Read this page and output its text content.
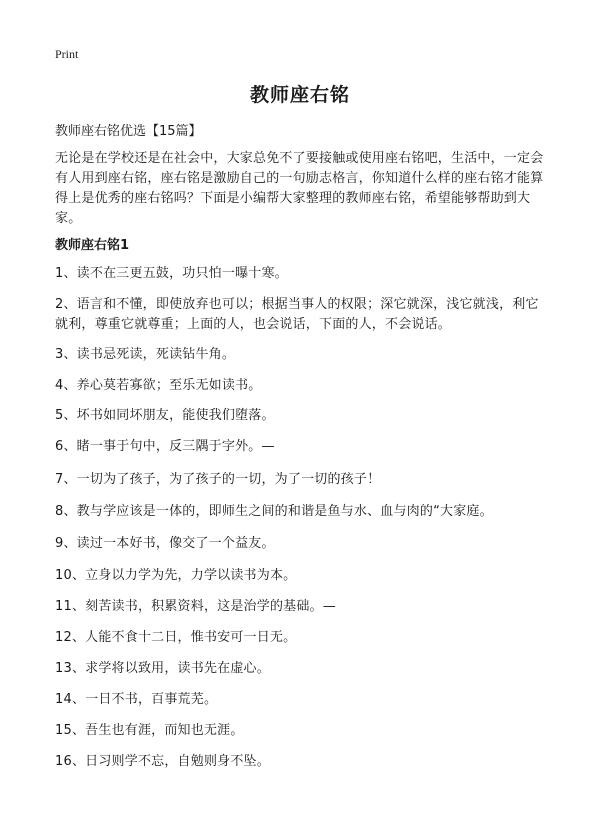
Print
教师座右铭

教师座右铭优选【15篇】

无论是在学校还是在社会中，大家总免不了要接触或使用座右铭吧，生活中，一定会有人用到座右铭，座右铭是激励自己的一句励志格言，你知道什么样的座右铭才能算得上是优秀的座右铭吗？下面是小编帮大家整理的教师座右铭，希望能够帮助到大家。

教师座右铭1

1、读不在三更五鼓，功只怕一曝十寒。

2、语言和不懂，即使放弃也可以；根据当事人的权限；深它就深，浅它就浅，利它就利，尊重它就尊重；上面的人，也会说话，下面的人，不会说话。

3、读书忌死读，死读钻牛角。

4、养心莫若寡欲；至乐无如读书。

5、坏书如同坏朋友，能使我们堕落。

6、睹一事于句中，反三隅于字外。—

7、一切为了孩子，为了孩子的一切，为了一切的孩子！

8、教与学应该是一体的，即师生之间的和谐是鱼与水、血与肉的“大家庭。

9、读过一本好书，像交了一个益友。

10、立身以力学为先，力学以读书为本。

11、刻苦读书，积累资料，这是治学的基础。—

12、人能不食十二日，惟书安可一日无。

13、求学将以致用，读书先在虚心。

14、一日不书，百事荒芜。

15、吾生也有涯，而知也无涯。

16、日习则学不忘，自勉则身不坠。
